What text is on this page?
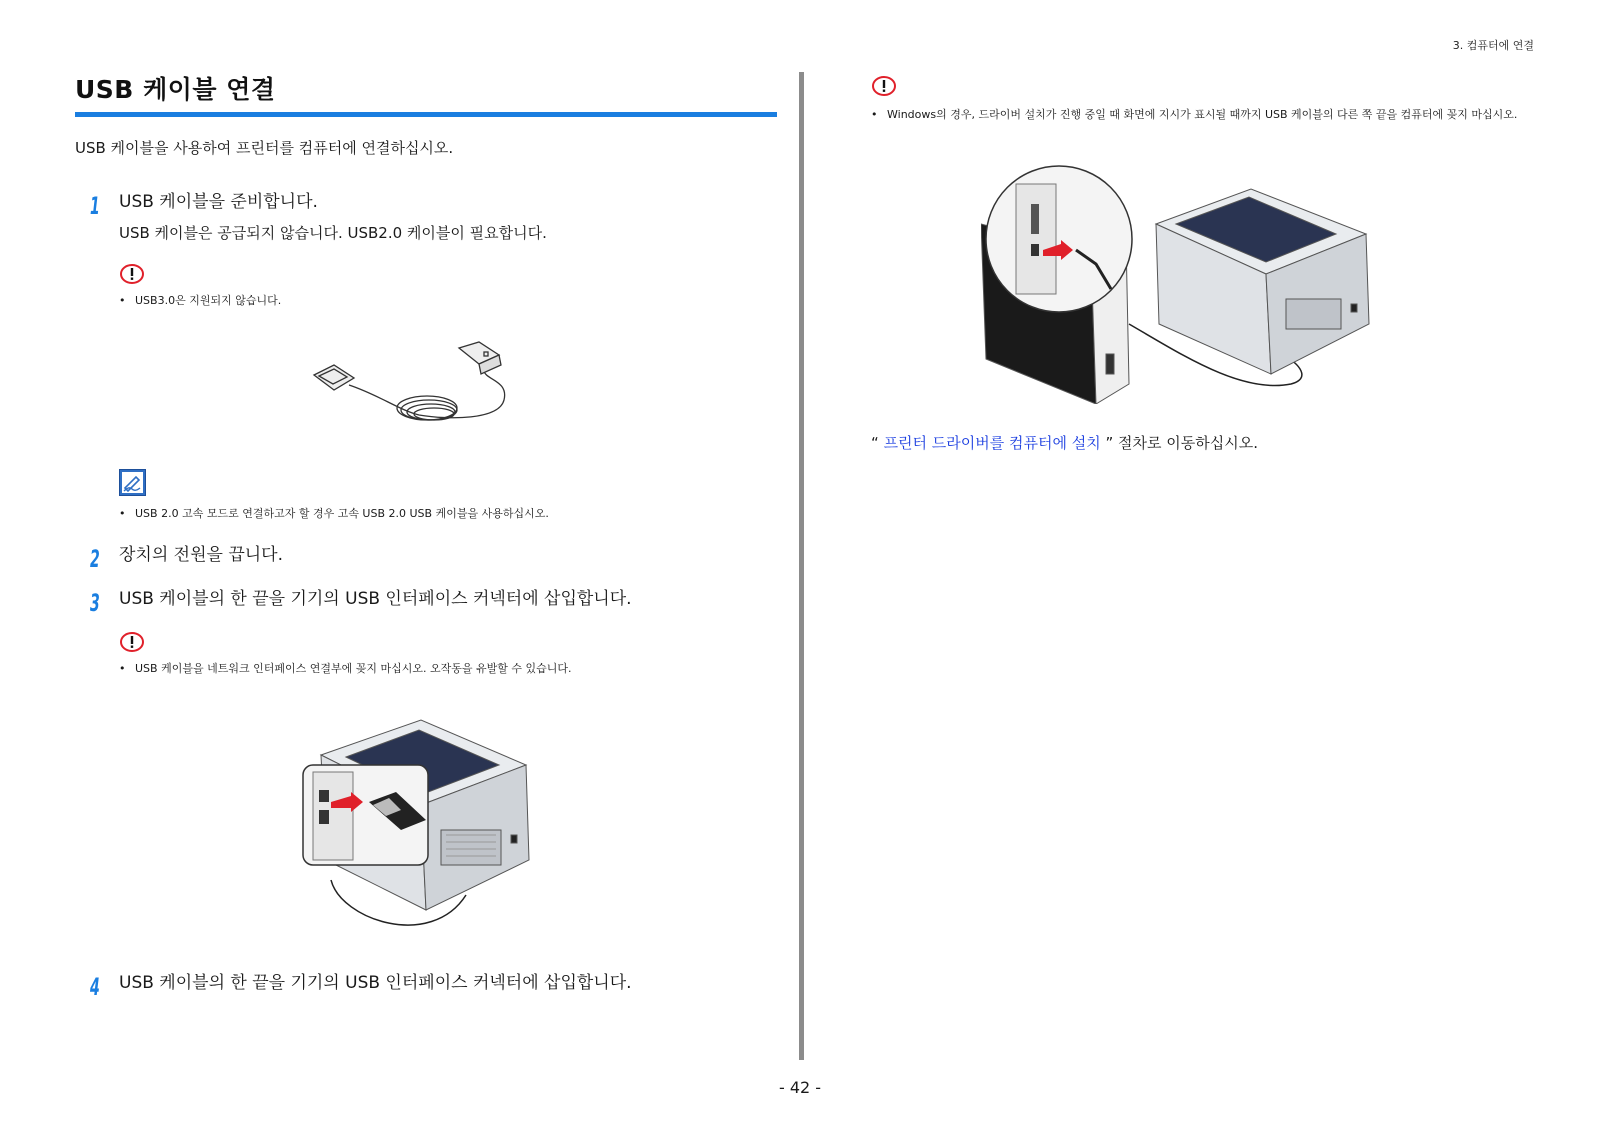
3. 컴퓨터에 연결
USB 케이블 연결
USB 케이블을 사용하여 프린터를 컴퓨터에 연결하십시오.
1 USB 케이블을 준비합니다.
USB 케이블은 공급되지 않습니다. USB2.0 케이블이 필요합니다.
• USB3.0은 지원되지 않습니다.
• USB 2.0 고속 모드로 연결하고자 할 경우 고속 USB 2.0 USB 케이블을 사용하십시오.
2 장치의 전원을 끕니다.
3 USB 케이블의 한 끝을 기기의 USB 인터페이스 커넥터에 삽입합니다.
• USB 케이블을 네트워크 인터페이스 연결부에 꽂지 마십시오. 오작동을 유발할 수 있습니다.
4 USB 케이블의 한 끝을 기기의 USB 인터페이스 커넥터에 삽입합니다.
• Windows의 경우, 드라이버 설치가 진행 중일 때 화면에 지시가 표시될 때까지 USB 케이블의 다른 쪽 끝을 컴퓨터에 꽂지 마십시오.
“ 프린터 드라이버를 컴퓨터에 설치 ” 절차로 이동하십시오.
- 42 -
